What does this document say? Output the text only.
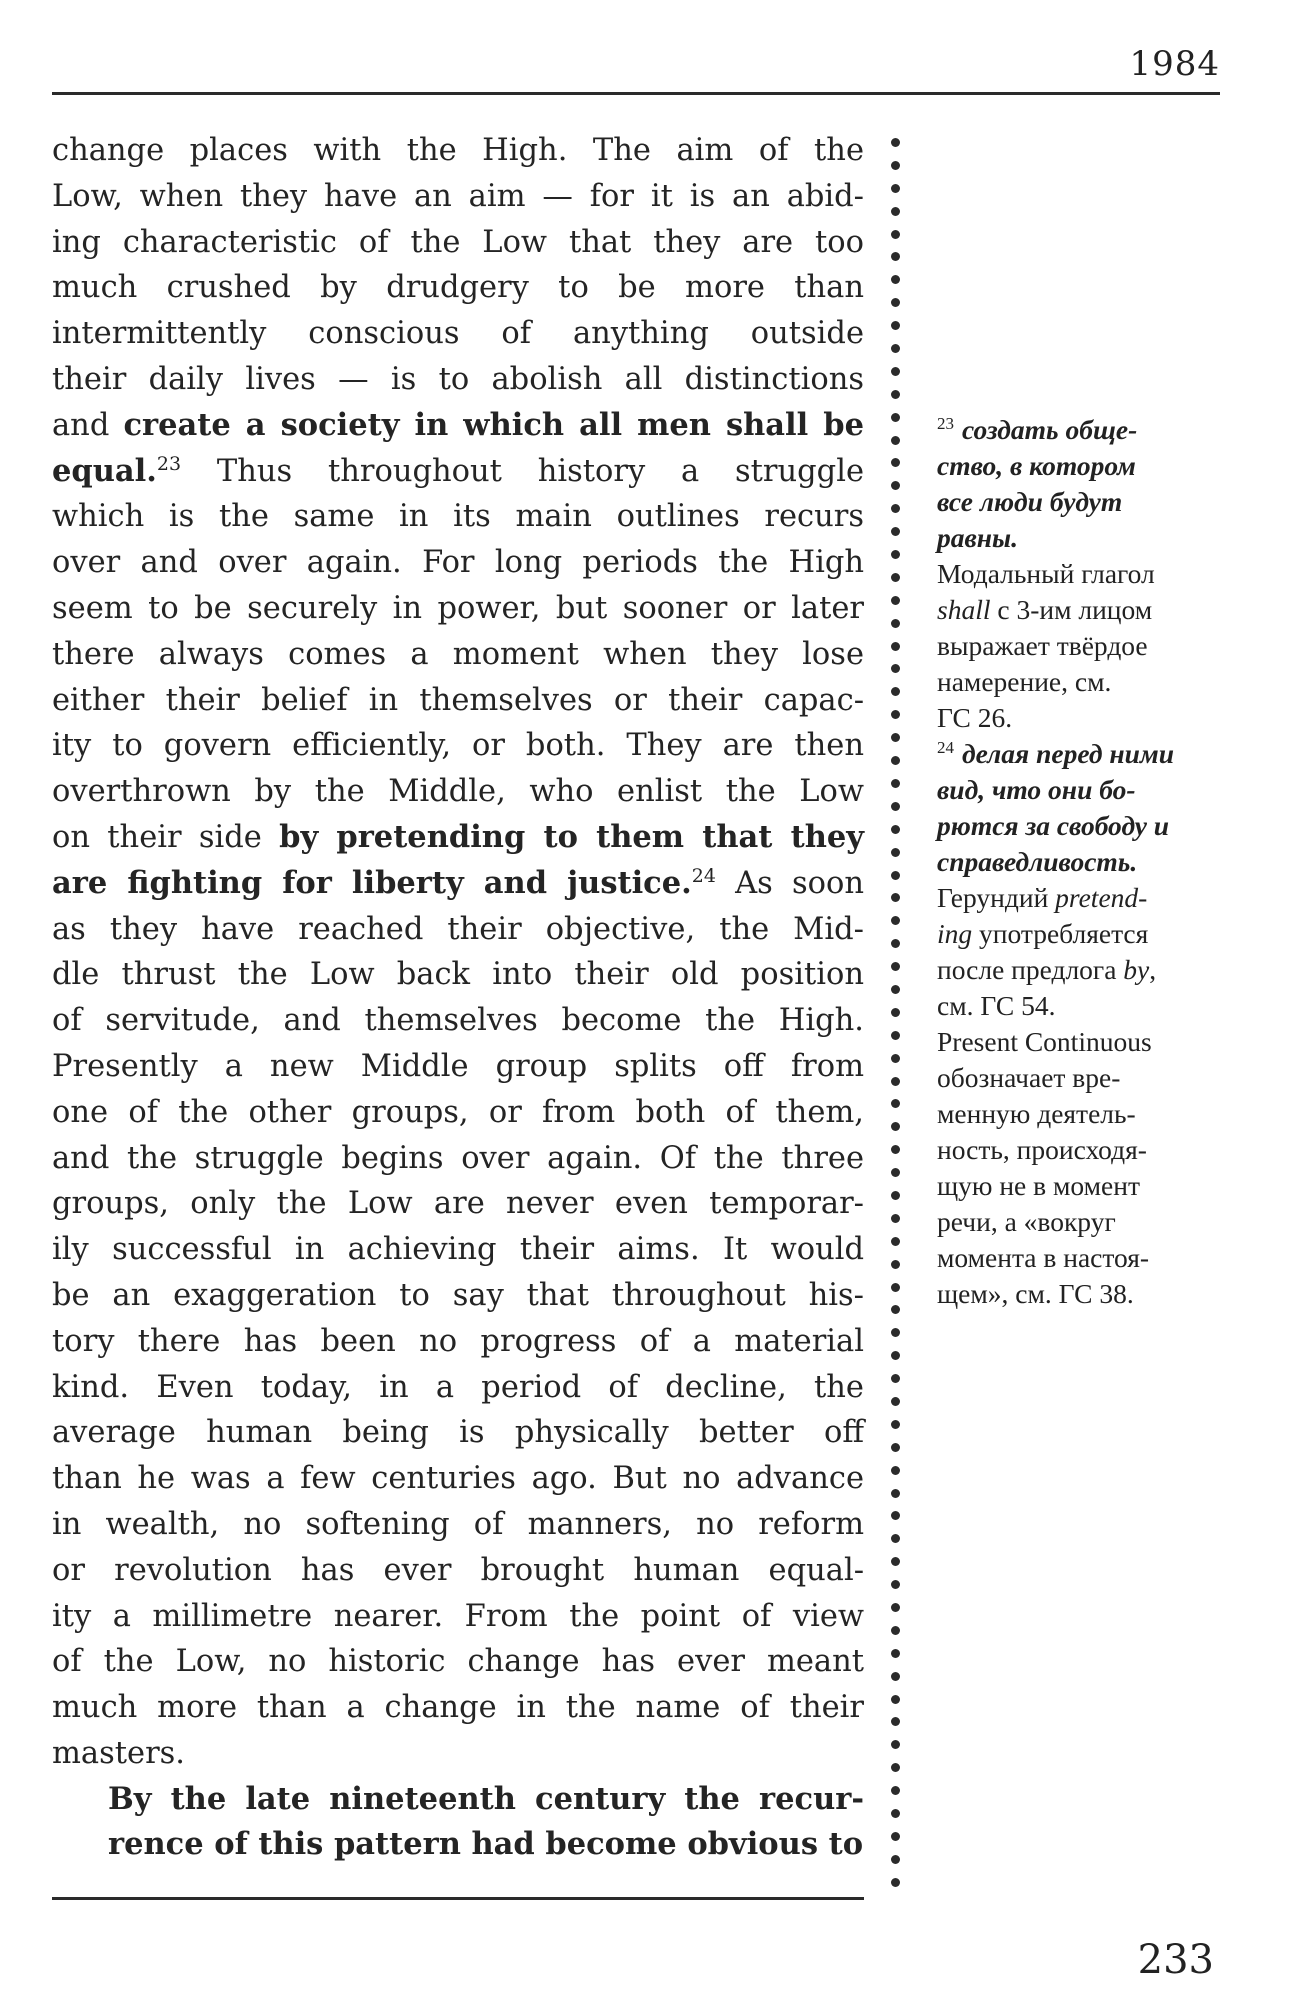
1984

change places with the High. The aim of the
Low, when they have an aim — for it is an abid-
ing characteristic of the Low that they are too
much crushed by drudgery to be more than
intermittently conscious of anything outside
their daily lives — is to abolish all distinctions
and create a society in which all men shall be
equal.$^{23}$ Thus throughout history a struggle
which is the same in its main outlines recurs
over and over again. For long periods the High
seem to be securely in power, but sooner or later
there always comes a moment when they lose
either their belief in themselves or their capac-
ity to govern efficiently, or both. They are then
overthrown by the Middle, who enlist the Low
on their side by pretending to them that they
are fighting for liberty and justice.$^{24}$ As soon
as they have reached their objective, the Mid-
dle thrust the Low back into their old position
of servitude, and themselves become the High.
Presently a new Middle group splits off from
one of the other groups, or from both of them,
and the struggle begins over again. Of the three
groups, only the Low are never even temporar-
ily successful in achieving their aims. It would
be an exaggeration to say that throughout his-
tory there has been no progress of a material
kind. Even today, in a period of decline, the
average human being is physically better off
than he was a few centuries ago. But no advance
in wealth, no softening of manners, no reform
or revolution has ever brought human equal-
ity a millimetre nearer. From the point of view
of the Low, no historic change has ever meant
much more than a change in the name of their
masters.

By the late nineteenth century the recur-
rence of this pattern had become obvious to

$^{23}$ создать обще-
ство, в котором
все люди будут
равны.
Модальный глагол
shall с 3-им лицом
выражает твёрдое
намерение, см.
ГС 26.
$^{24}$ делая перед ними
вид, что они бо-
рются за свободу и
справедливость.
Герундий pretend-
ing употребляется
после предлога by,
см. ГС 54.
Present Continuous
обозначает вре-
менную деятель-
ность, происходя-
щую не в момент
речи, а «вокруг
момента в настоя-
щем», см. ГС 38.
233
